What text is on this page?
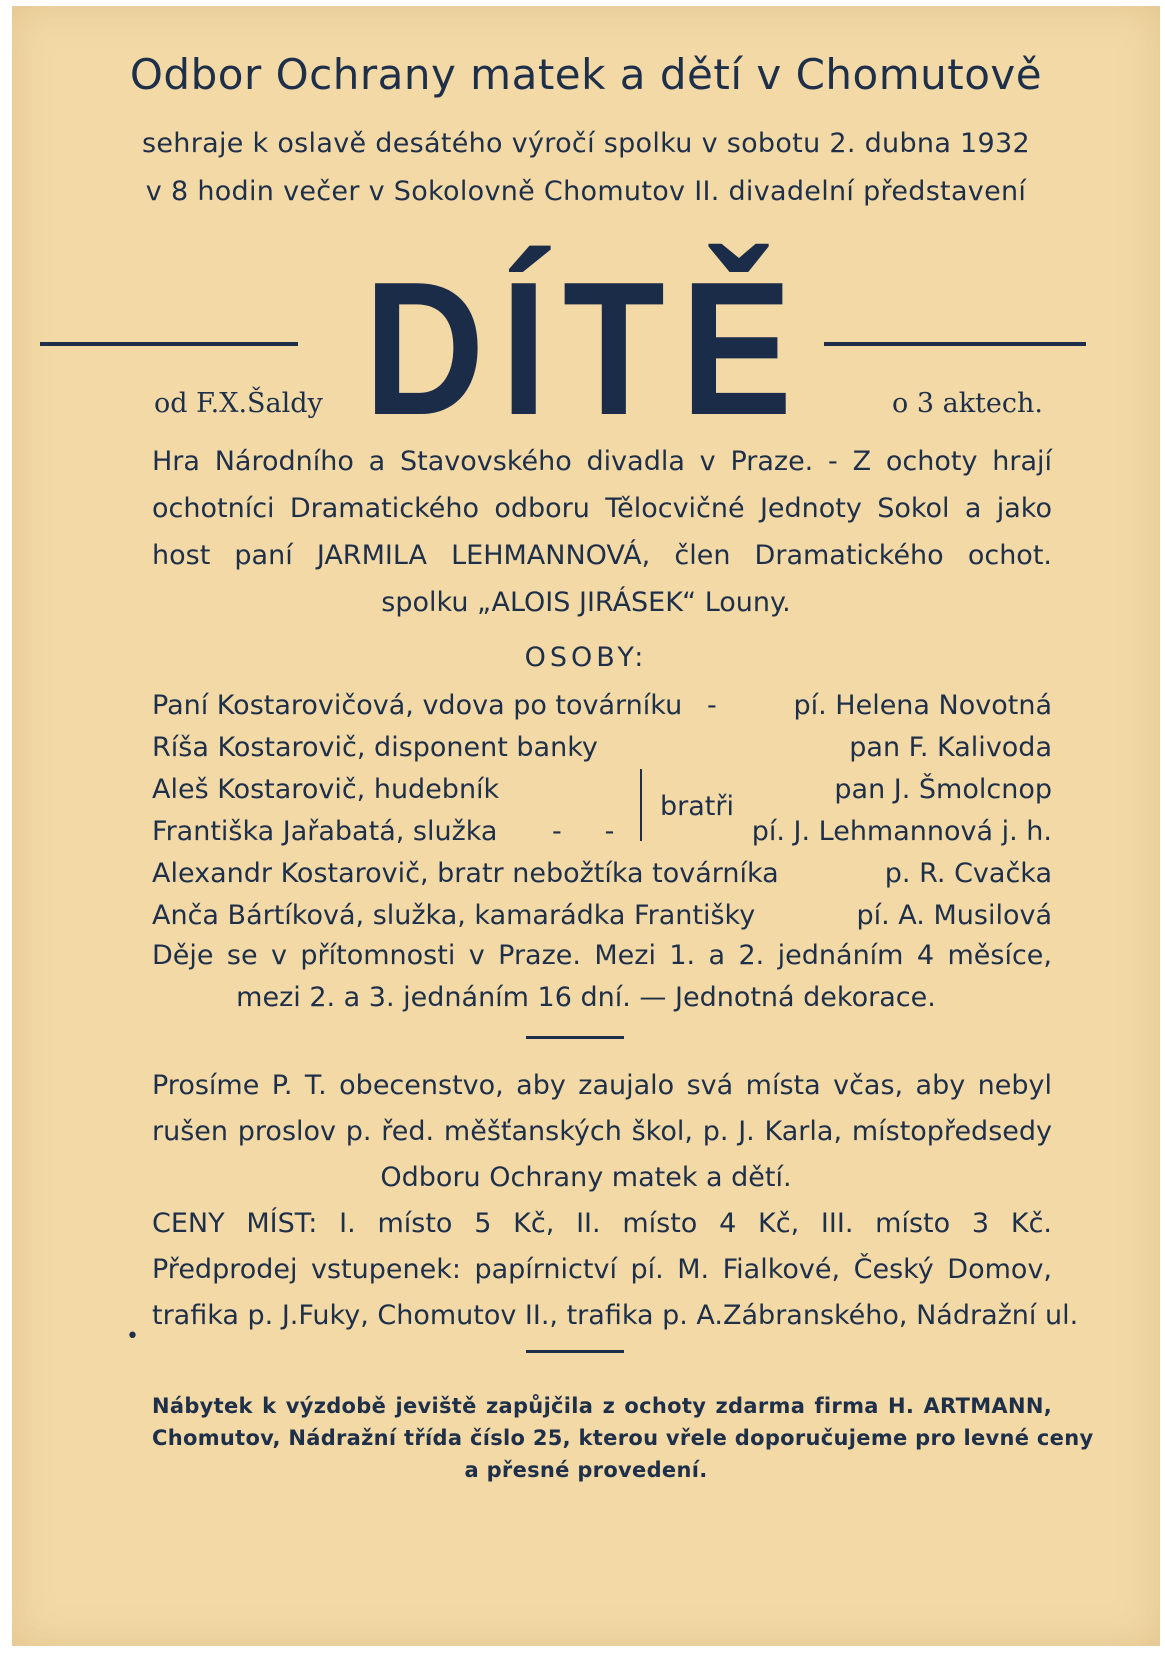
Odbor Ochrany matek a dětí v Chomutově
sehraje k oslavě desátého výročí spolku v sobotu 2. dubna 1932
v 8 hodin večer v Sokolovně Chomutov II. divadelní představení
DÍTĚ
od F.X.Šaldy	o 3 aktech.
Hra Národního a Stavovského divadla v Praze. - Z ochoty hrají
ochotníci Dramatického odboru Tělocvičné Jednoty Sokol a jako
host paní JARMILA LEHMANNOVÁ, člen Dramatického ochot.
spolku „ALOIS JIRÁSEK“ Louny.
OSOBY:
Paní Kostarovičová, vdova po továrníku -	pí. Helena Novotná
Ríša Kostarovič, disponent banky	pan F. Kalivoda
bratři
Aleš Kostarovič, hudebník	pan J. Šmolcnop
Františka Jařabatá, služka -     -	pí. J. Lehmannová j. h.
Alexandr Kostarovič, bratr nebožtíka továrníka	p. R. Cvačka
Anča Bártíková, služka, kamarádka Františky	pí. A. Musilová
Děje se v přítomnosti v Praze. Mezi 1. a 2. jednáním 4 měsíce,
mezi 2. a 3. jednáním 16 dní. — Jednotná dekorace.
Prosíme P. T. obecenstvo, aby zaujalo svá místa včas, aby nebyl
rušen proslov p. řed. měšťanských škol, p. J. Karla, místopředsedy
Odboru Ochrany matek a dětí.
CENY MÍST: I. místo 5 Kč, II. místo 4 Kč, III. místo 3 Kč.
•
Předprodej vstupenek: papírnictví pí. M. Fialkové, Český Domov,
trafika p. J.Fuky, Chomutov II., trafika p. A.Zábranského, Nádražní ul.
Nábytek k výzdobě jeviště zapůjčila z ochoty zdarma firma H. ARTMANN,
Chomutov, Nádražní třída číslo 25, kterou vřele doporučujeme pro levné ceny
a přesné provedení.
